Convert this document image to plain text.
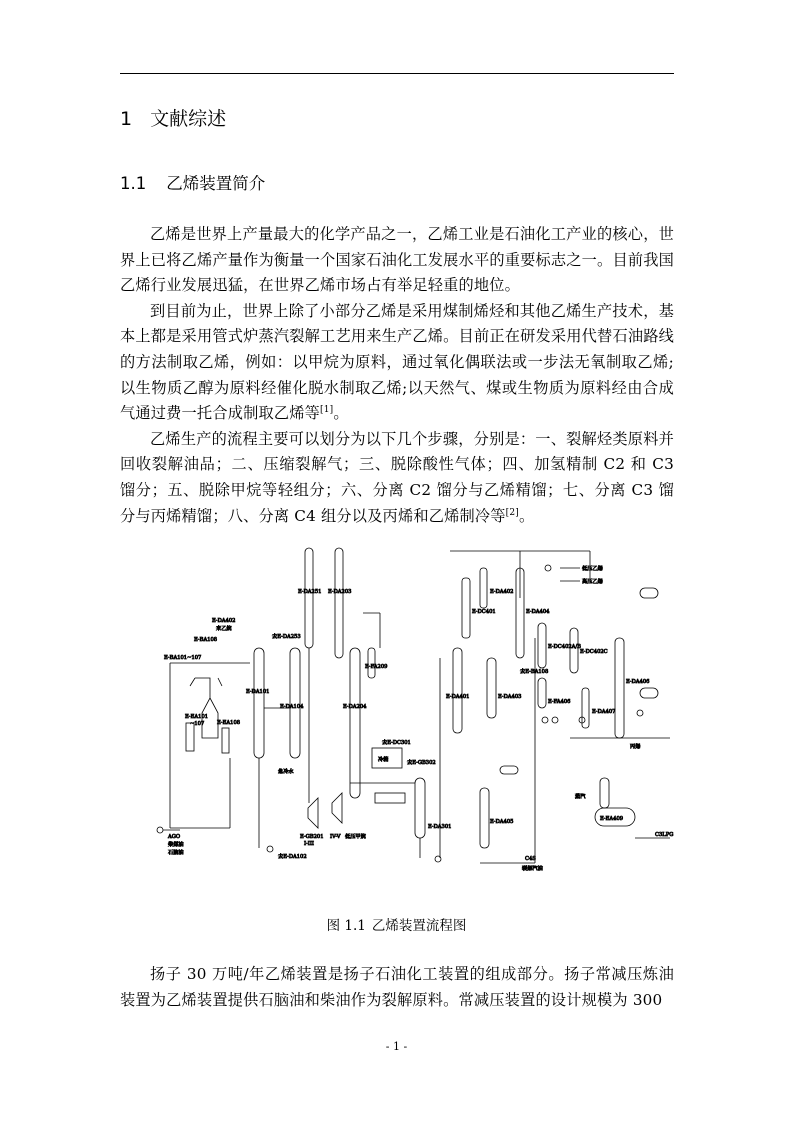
1 文献综述
1.1 乙烯装置简介

乙烯是世界上产量最大的化学产品之一，乙烯工业是石油化工产业的核心，世界上已将乙烯产量作为衡量一个国家石油化工发展水平的重要标志之一。目前我国乙烯行业发展迅猛，在世界乙烯市场占有举足轻重的地位。

到目前为止，世界上除了小部分乙烯是采用煤制烯烃和其他乙烯生产技术，基本上都是采用管式炉蒸汽裂解工艺用来生产乙烯。目前正在研发采用代替石油路线的方法制取乙烯，例如：以甲烷为原料，通过氧化偶联法或一步法无氧制取乙烯;以生物质乙醇为原料经催化脱水制取乙烯;以天然气、煤或生物质为原料经由合成气通过费一托合成制取乙烯等[1]。

乙烯生产的流程主要可以划分为以下几个步骤，分别是：一、裂解烃类原料并回收裂解油品；二、压缩裂解气；三、脱除酸性气体；四、加氢精制 C2 和 C3 馏分；五、脱除甲烷等轻组分；六、分离 C2 馏分与乙烯精馏；七、分离 C3 馏分与丙烯精馏；八、分离 C4 组分以及丙烯和乙烯制冷等[2]。

E-DA402
来乙烷
E-BA108
E-BA101~107
E-EA101
~107 E-EA108
AGO
柴煤油
石脑油
E-DA101
E-DA104
急冷水
去E-DA102
E-DA251
去E-DA253
E-GB201
I-III
E-DA203
E-DA204
E-FA209
IV-V
去E-DC301
冷箱	去E-GB302
低压甲烷
E-DA301
E-DA401
E-DC401
E-DA402
E-DA403
去E-BA108
E-FA406
E-DC402A/B
E-DA404
E-DA405
C4S
裂解汽油
低压乙烯
高压乙烯
E-DC402C
E-DA407
E-DA406
丙烯
蒸汽
E-EA409
C3LPG
图 1.1 乙烯装置流程图

扬子 30 万吨/年乙烯装置是扬子石油化工装置的组成部分。扬子常减压炼油装置为乙烯装置提供石脑油和柴油作为裂解原料。常减压装置的设计规模为 300

- 1 -
